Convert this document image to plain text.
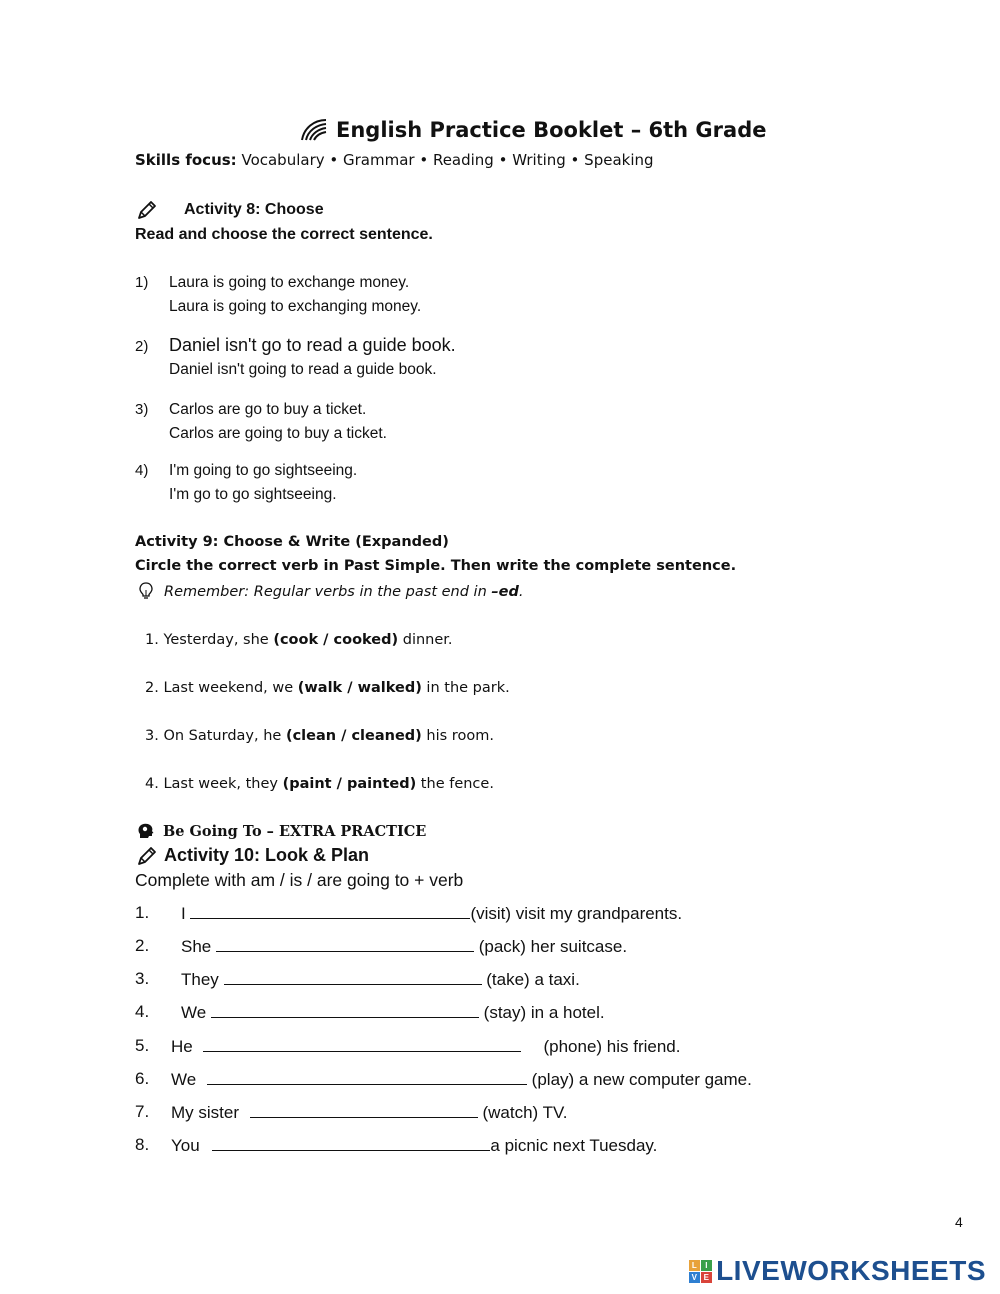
English Practice Booklet – 6th Grade
Skills focus: Vocabulary • Grammar • Reading • Writing • Speaking
Activity 8: Choose
Read and choose the correct sentence.
1) Laura is going to exchange money.
Laura is going to exchanging money.
2) Daniel isn't go to read a guide book.
Daniel isn't going to read a guide book.
3) Carlos are go to buy a ticket.
Carlos are going to buy a ticket.
4) I'm going to go sightseeing.
I'm go to go sightseeing.
Activity 9: Choose & Write (Expanded)
Circle the correct verb in Past Simple. Then write the complete sentence.
Remember: Regular verbs in the past end in –ed.
1. Yesterday, she (cook / cooked) dinner.
2. Last weekend, we (walk / walked) in the park.
3. On Saturday, he (clean / cleaned) his room.
4. Last week, they (paint / painted) the fence.
Be Going To – EXTRA PRACTICE
Activity 10: Look & Plan
Complete with am / is / are going to + verb
1. I	(visit) visit my grandparents.
2. She	(pack) her suitcase.
3. They	(take) a taxi.
4. We	(stay) in a hotel.
5. He	(phone) his friend.
6. We	(play) a new computer game.
7. My sister	(watch) TV.
8. You	a picnic next Tuesday.
4
L I
V E LIVEWORKSHEETS
